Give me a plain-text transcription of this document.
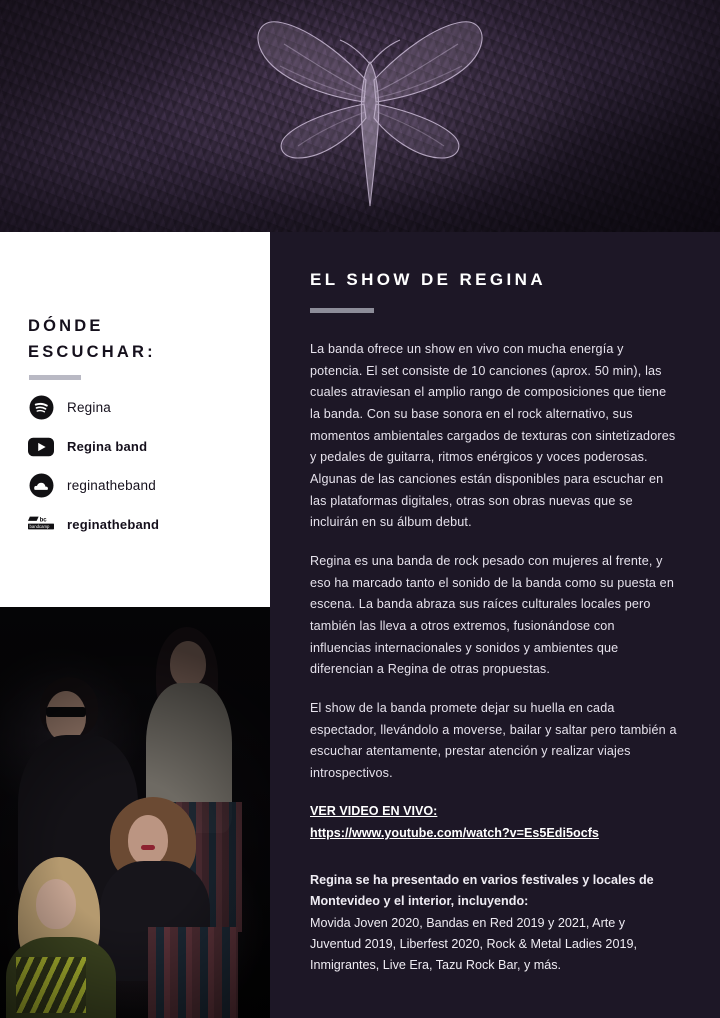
DÓNDE
ESCUCHAR:
Regina
Regina band
reginatheband
bc
bandcamp reginatheband
EL SHOW DE REGINA

La banda ofrece un show en vivo con mucha energía y potencia. El set consiste de 10 canciones (aprox. 50 min), las cuales atraviesan el amplio rango de composiciones que tiene la banda. Con su base sonora en el rock alternativo, sus momentos ambientales cargados de texturas con sintetizadores y pedales de guitarra, ritmos enérgicos y voces poderosas. Algunas de las canciones están disponibles para escuchar en las plataformas digitales, otras son obras nuevas que se incluirán en su álbum debut.

Regina es una banda de rock pesado con mujeres al frente, y eso ha marcado tanto el sonido de la banda como su puesta en escena. La banda abraza sus raíces culturales locales pero también las lleva a otros extremos, fusionándose con influencias internacionales y sonidos y ambientes que diferencian a Regina de otras propuestas.

El show de la banda promete dejar su huella en cada espectador, llevándolo a moverse, bailar y saltar pero también a escuchar atentamente, prestar atención y realizar viajes introspectivos.

VER VIDEO EN VIVO:
https://www.youtube.com/watch?v=Es5Edi5ocfs
Regina se ha presentado en varios festivales y locales de Montevideo y el interior, incluyendo:
Movida Joven 2020, Bandas en Red 2019 y 2021, Arte y Juventud 2019, Liberfest 2020, Rock & Metal Ladies 2019, Inmigrantes, Live Era, Tazu Rock Bar, y más.
